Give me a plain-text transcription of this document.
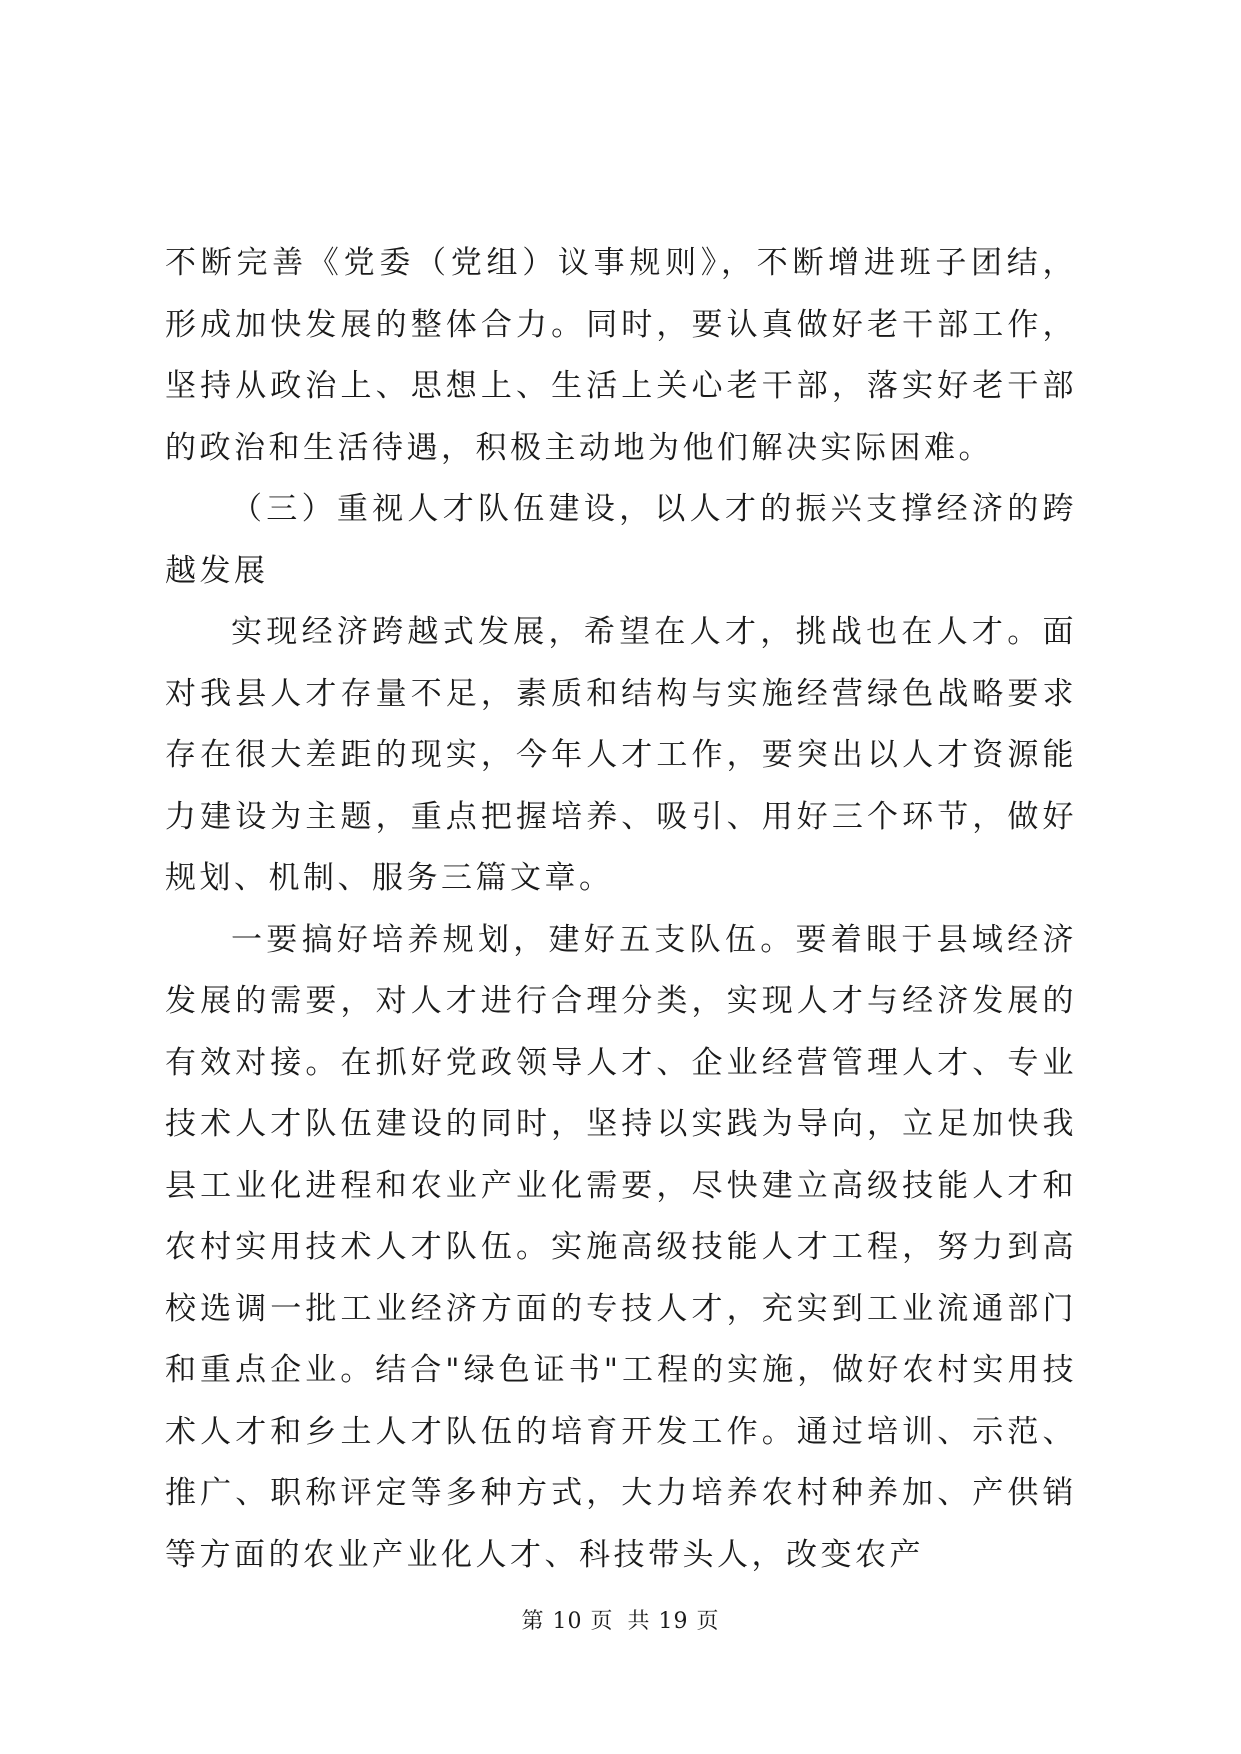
不断完善《党委（党组）议事规则》，不断增进班子团结，形成加快发展的整体合力。同时，要认真做好老干部工作，坚持从政治上、思想上、生活上关心老干部，落实好老干部的政治和生活待遇，积极主动地为他们解决实际困难。

（三）重视人才队伍建设，以人才的振兴支撑经济的跨越发展

实现经济跨越式发展，希望在人才，挑战也在人才。面对我县人才存量不足，素质和结构与实施经营绿色战略要求存在很大差距的现实，今年人才工作，要突出以人才资源能力建设为主题，重点把握培养、吸引、用好三个环节，做好规划、机制、服务三篇文章。

一要搞好培养规划，建好五支队伍。要着眼于县域经济发展的需要，对人才进行合理分类，实现人才与经济发展的有效对接。在抓好党政领导人才、企业经营管理人才、专业技术人才队伍建设的同时，坚持以实践为导向，立足加快我县工业化进程和农业产业化需要，尽快建立高级技能人才和农村实用技术人才队伍。实施高级技能人才工程，努力到高校选调一批工业经济方面的专技人才，充实到工业流通部门和重点企业。结合"绿色证书"工程的实施，做好农村实用技术人才和乡土人才队伍的培育开发工作。通过培训、示范、推广、职称评定等多种方式，大力培养农村种养加、产供销等方面的农业产业化人才、科技带头人，改变农产

第 10 页 共 19 页
